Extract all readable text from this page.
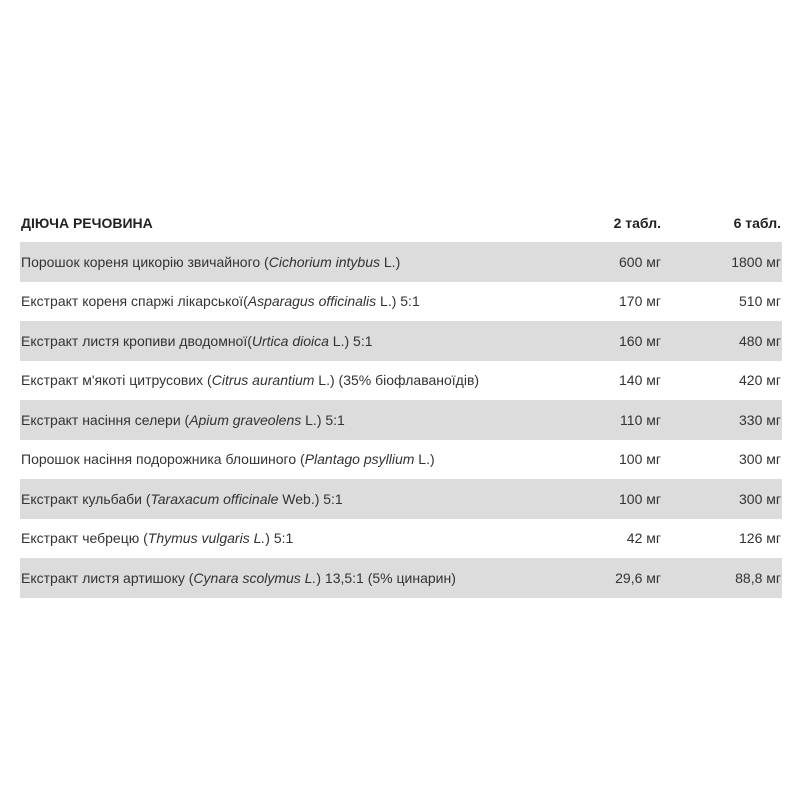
ДІЮЧА РЕЧОВИНА	2 табл.	6 табл.
Порошок кореня цикорію звичайного (Cichorium intybus L.)	600 мг	1800 мг
Екстракт кореня спаржі лікарської(Asparagus officinalis L.) 5:1	170 мг	510 мг
Екстракт листя кропиви дводомної(Urtica dioica L.) 5:1	160 мг	480 мг
Екстракт м'якоті цитрусових (Citrus aurantium L.) (35% біофлаваноїдів)	140 мг	420 мг
Екстракт насіння селери (Apium graveolens L.) 5:1	110 мг	330 мг
Порошок насіння подорожника блошиного (Plantago psyllium L.)	100 мг	300 мг
Екстракт кульбаби (Taraxacum officinale Web.) 5:1	100 мг	300 мг
Екстракт чебрецю (Thymus vulgaris L.) 5:1	42 мг	126 мг
Екстракт листя артишоку (Cynara scolymus L.) 13,5:1 (5% цинарин)	29,6 мг	88,8 мг
